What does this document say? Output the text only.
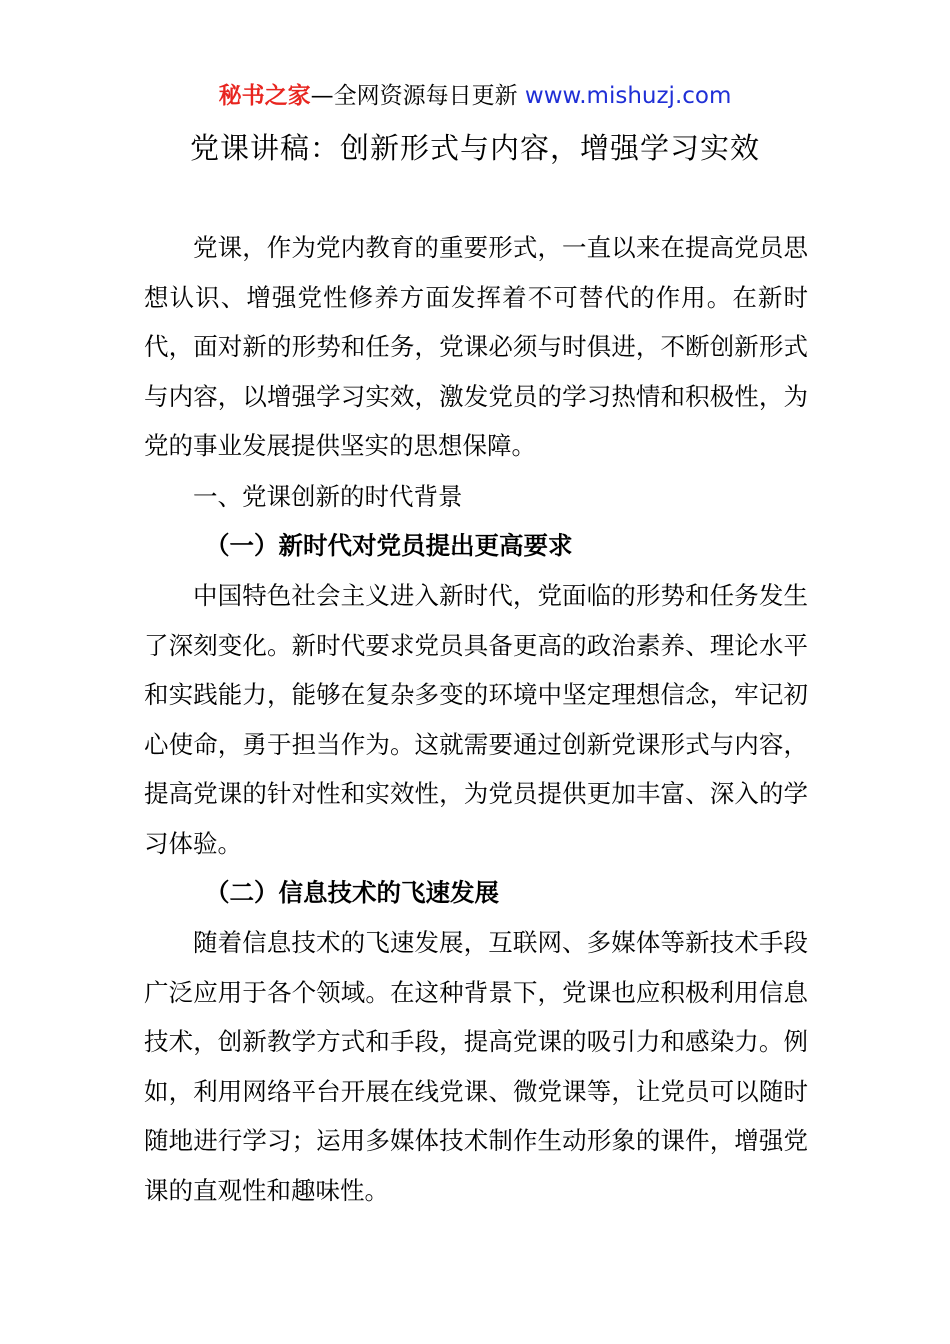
秘书之家—全网资源每日更新 www.mishuzj.com
党课讲稿：创新形式与内容，增强学习实效

党课，作为党内教育的重要形式，一直以来在提高党员思想认识、增强党性修养方面发挥着不可替代的作用。在新时代，面对新的形势和任务，党课必须与时俱进，不断创新形式与内容，以增强学习实效，激发党员的学习热情和积极性，为党的事业发展提供坚实的思想保障。

一、党课创新的时代背景
（一）新时代对党员提出更高要求

中国特色社会主义进入新时代，党面临的形势和任务发生了深刻变化。新时代要求党员具备更高的政治素养、理论水平和实践能力，能够在复杂多变的环境中坚定理想信念，牢记初心使命，勇于担当作为。这就需要通过创新党课形式与内容，提高党课的针对性和实效性，为党员提供更加丰富、深入的学习体验。

（二）信息技术的飞速发展

随着信息技术的飞速发展，互联网、多媒体等新技术手段广泛应用于各个领域。在这种背景下，党课也应积极利用信息技术，创新教学方式和手段，提高党课的吸引力和感染力。例如，利用网络平台开展在线党课、微党课等，让党员可以随时随地进行学习；运用多媒体技术制作生动形象的课件，增强党课的直观性和趣味性。
